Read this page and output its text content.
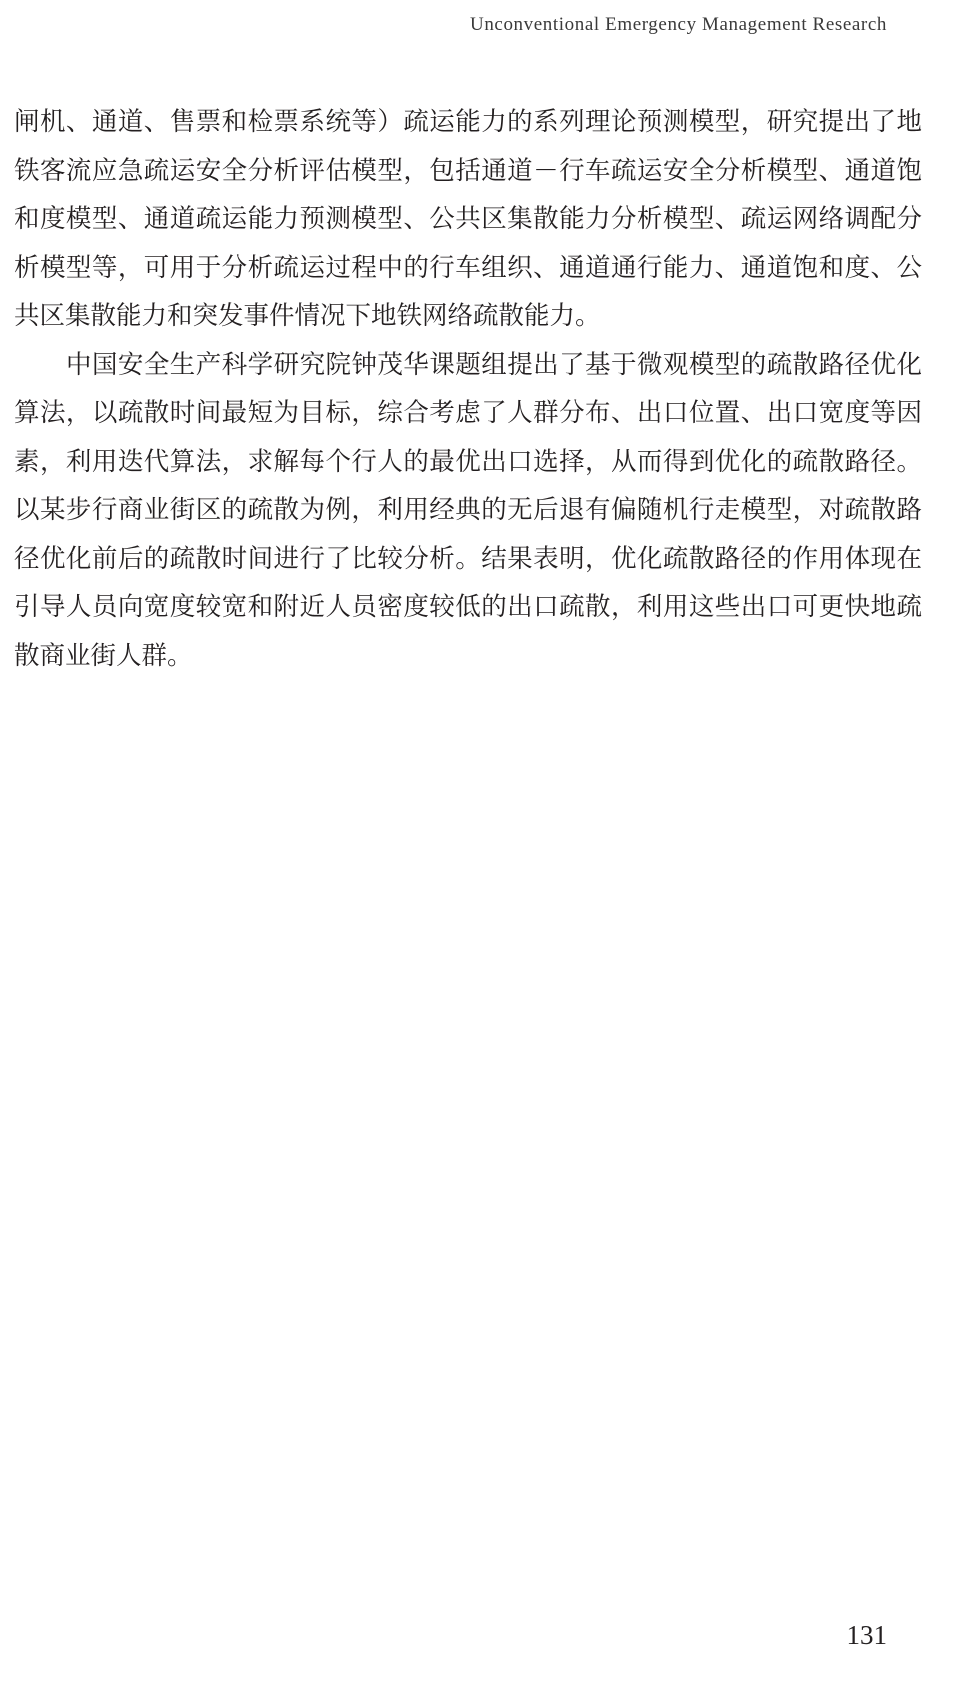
Unconventional Emergency Management Research

闸机、通道、售票和检票系统等）疏运能力的系列理论预测模型，研究提出了地铁客流应急疏运安全分析评估模型，包括通道－行车疏运安全分析模型、通道饱和度模型、通道疏运能力预测模型、公共区集散能力分析模型、疏运网络调配分析模型等，可用于分析疏运过程中的行车组织、通道通行能力、通道饱和度、公共区集散能力和突发事件情况下地铁网络疏散能力。

中国安全生产科学研究院钟茂华课题组提出了基于微观模型的疏散路径优化算法，以疏散时间最短为目标，综合考虑了人群分布、出口位置、出口宽度等因素，利用迭代算法，求解每个行人的最优出口选择，从而得到优化的疏散路径。以某步行商业街区的疏散为例，利用经典的无后退有偏随机行走模型，对疏散路径优化前后的疏散时间进行了比较分析。结果表明，优化疏散路径的作用体现在引导人员向宽度较宽和附近人员密度较低的出口疏散，利用这些出口可更快地疏散商业街人群。

131
